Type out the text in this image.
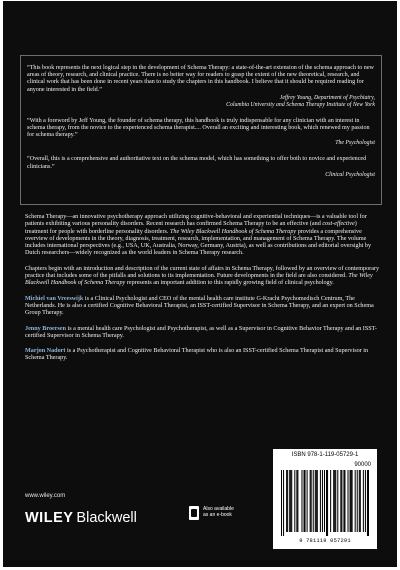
“This book represents the next logical step in the development of Schema Therapy: a state-of-the-art extension of the schema approach to new areas of theory, research, and clinical practice. There is no better way for readers to grasp the extent of the new theoretical, research, and clinical work that has been done in recent years than to study the chapters in this handbook. I believe that it should be required reading for anyone interested in the field.”

Jeffrey Young, Department of Psychiatry,

Columbia University and Schema Therapy Institute of New York

“With a foreword by Jeff Young, the founder of schema therapy, this handbook is truly indispensable for any clinician with an interest in schema therapy, from the novice to the experienced schema therapist.... Overall an exciting and interesting book, which renewed my passion for schema therapy.”

The Psychologist

“Overall, this is a comprehensive and authoritative text on the schema model, which has something to offer both to novice and experienced clinicians.”

Clinical Psychologist

Schema Therapy—an innovative psychotherapy approach utilizing cognitive-behavioral and experiential techniques—is a valuable tool for patients exhibiting various personality disorders. Recent research has confirmed Schema Therapy to be an effective (and cost-effective) treatment for people with borderline personality disorders. The Wiley Blackwell Handbook of Schema Therapy provides a comprehensive overview of developments in the theory, diagnosis, treatment, research, implementation, and management of Schema Therapy. The volume includes international perspectives (e.g., USA, UK, Australia, Norway, Germany, Austria), as well as contributions and editorial oversight by Dutch researchers—widely recognized as the world leaders in Schema Therapy research.

Chapters begin with an introduction and description of the current state of affairs in Schema Therapy, followed by an overview of contemporary practice that includes some of the pitfalls and solutions to its implementation. Future developments in the field are also considered. The Wiley Blackwell Handbook of Schema Therapy represents an important addition to this rapidly growing field of clinical psychology.

Michiel van Vreeswijk is a Clinical Psychologist and CEO of the mental health care institute G-Kracht Psychomedisch Centrum, The Netherlands. He is also a certified Cognitive Behavioral Therapist, an ISST-certified Supervisor in Schema Therapy, and an expert on Schema Group Therapy.

Jenny Broersen is a mental health care Psychologist and Psychotherapist, as well as a Supervisor in Cognitive Behavior Therapy and an ISST-certified Supervisor in Schema Therapy.

Marjon Nadort is a Psychotherapist and Cognitive Behavioral Therapist who is also an ISST-certified Schema Therapist and Supervisor in Schema Therapy.

www.wiley.com
WILEY Blackwell
Also available
as an e-book
ISBN 978-1-119-05729-1
90000
9 781119 057291
